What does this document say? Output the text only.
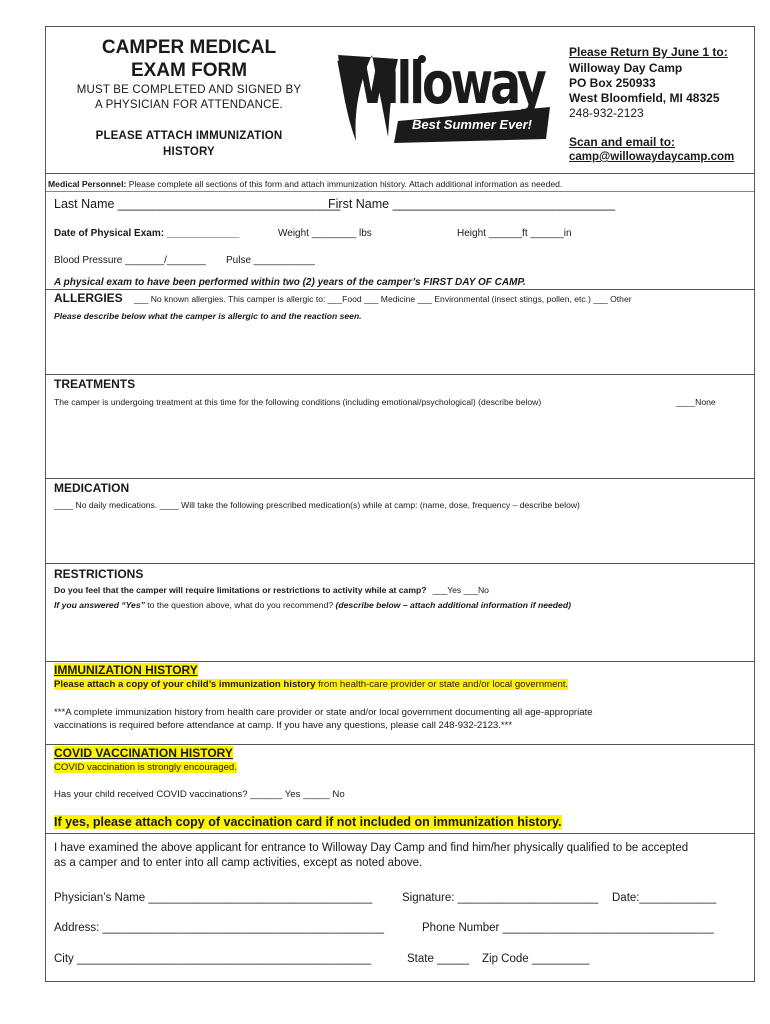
CAMPER MEDICAL
EXAM FORM
MUST BE COMPLETED AND SIGNED BY
A PHYSICIAN FOR ATTENDANCE.
PLEASE ATTACH IMMUNIZATION
HISTORY
Willoway
Best Summer Ever!
Please Return By June 1 to:
Willoway Day Camp
PO Box 250933
West Bloomfield, MI 48325
248-932-2123
Scan and email to:
camp@willowaydaycamp.com
Medical Personnel: Please complete all sections of this form and attach immunization history. Attach additional information as needed.
Last Name ________________________________
First Name ________________________________
Date of Physical Exam: _____________	Weight ________ lbs	Height ______ft ______in
Blood Pressure _______/_______ Pulse ___________
A physical exam to have been performed within two (2) years of the camper’s FIRST DAY OF CAMP.
ALLERGIES ___ No known allergies. This camper is allergic to: ___Food ___ Medicine ___ Environmental (insect stings, pollen, etc.) ___ Other
Please describe below what the camper is allergic to and the reaction seen.
TREATMENTS
The camper is undergoing treatment at this time for the following conditions (including emotional/psychological) (describe below)	____None
MEDICATION
____ No daily medications. ____ Will take the following prescribed medication(s) while at camp: (name, dose, frequency – describe below)
RESTRICTIONS
Do you feel that the camper will require limitations or restrictions to activity while at camp? ___Yes ___No
If you answered “Yes” to the question above, what do you recommend? (describe below – attach additional information if needed)
IMMUNIZATION HISTORY
Please attach a copy of your child’s immunization history from health-care provider or state and/or local government.
***A complete immunization history from health care provider or state and/or local government documenting all age-appropriate
vaccinations is required before attendance at camp. If you have any questions, please call 248-932-2123.***
COVID VACCINATION HISTORY
COVID vaccination is strongly encouraged.
Has your child received COVID vaccinations? ______ Yes _____ No
If yes, please attach copy of vaccination card if not included on immunization history.
I have examined the above applicant for entrance to Willoway Day Camp and find him/her physically qualified to be accepted
as a camper and to enter into all camp activities, except as noted above.
Physician’s Name ___________________________________	Signature: ______________________ Date:____________
Address: ____________________________________________	Phone Number _________________________________
City ______________________________________________	State _____ Zip Code _________
